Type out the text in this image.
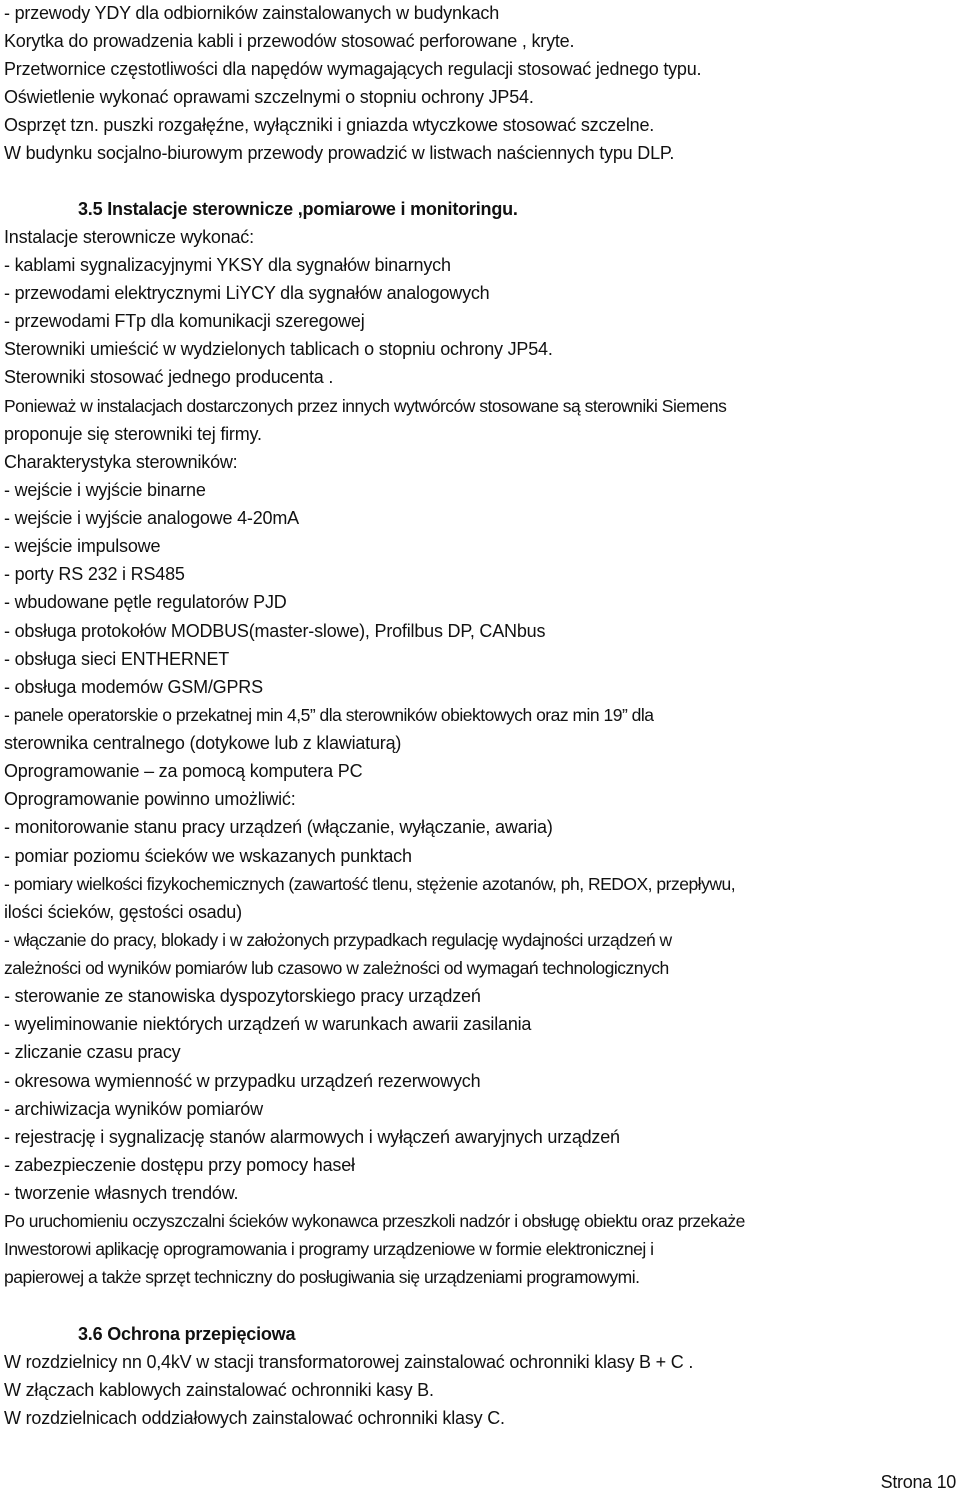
- przewody YDY dla odbiorników zainstalowanych w budynkach
Korytka do prowadzenia kabli i przewodów stosować perforowane , kryte.
Przetwornice częstotliwości dla napędów wymagających regulacji stosować jednego typu.
Oświetlenie wykonać oprawami szczelnymi o stopniu ochrony JP54.
Osprzęt tzn. puszki rozgałęźne, wyłączniki i gniazda wtyczkowe stosować szczelne.
W budynku socjalno-biurowym przewody prowadzić w listwach naściennych typu DLP.
3.5 Instalacje sterownicze ,pomiarowe i monitoringu.
Instalacje sterownicze wykonać:
- kablami sygnalizacyjnymi YKSY dla sygnałów binarnych
- przewodami elektrycznymi LiYCY dla sygnałów analogowych
- przewodami FTp dla komunikacji szeregowej
Sterowniki umieścić w wydzielonych tablicach o stopniu ochrony JP54.
Sterowniki stosować jednego producenta .
Ponieważ w instalacjach dostarczonych przez innych wytwórców stosowane są sterowniki Siemens
proponuje się sterowniki tej firmy.
Charakterystyka sterowników:
- wejście i wyjście binarne
- wejście i wyjście analogowe 4-20mA
- wejście impulsowe
- porty RS 232 i RS485
- wbudowane pętle regulatorów PJD
- obsługa protokołów MODBUS(master-slowe), Profilbus DP, CANbus
- obsługa sieci ENTHERNET
- obsługa modemów GSM/GPRS
- panele operatorskie o przekatnej min 4,5” dla sterowników obiektowych oraz min 19” dla
sterownika centralnego (dotykowe lub z klawiaturą)
Oprogramowanie – za pomocą komputera PC
Oprogramowanie powinno umożliwić:
- monitorowanie stanu pracy urządzeń (włączanie, wyłączanie, awaria)
- pomiar poziomu ścieków we wskazanych punktach
- pomiary wielkości fizykochemicznych (zawartość tlenu, stężenie azotanów, ph, REDOX, przepływu,
ilości ścieków, gęstości osadu)
- włączanie do pracy, blokady i w założonych przypadkach regulację wydajności urządzeń w
zależności od wyników pomiarów lub czasowo w zależności od wymagań technologicznych
- sterowanie ze stanowiska dyspozytorskiego pracy urządzeń
- wyeliminowanie niektórych urządzeń w warunkach awarii zasilania
- zliczanie czasu pracy
- okresowa wymienność w przypadku urządzeń rezerwowych
- archiwizacja wyników pomiarów
- rejestrację i sygnalizację stanów alarmowych i wyłączeń awaryjnych urządzeń
- zabezpieczenie dostępu przy pomocy haseł
- tworzenie własnych trendów.
Po uruchomieniu oczyszczalni ścieków wykonawca przeszkoli nadzór i obsługę obiektu oraz przekaże
Inwestorowi aplikację oprogramowania i programy urządzeniowe w formie elektronicznej i
papierowej a także sprzęt techniczny do posługiwania się urządzeniami programowymi.
3.6 Ochrona przepięciowa
W rozdzielnicy nn 0,4kV w stacji transformatorowej zainstalować ochronniki klasy B + C .
W złączach kablowych zainstalować ochronniki kasy B.
W rozdzielnicach oddziałowych zainstalować ochronniki klasy C.
Strona 10
